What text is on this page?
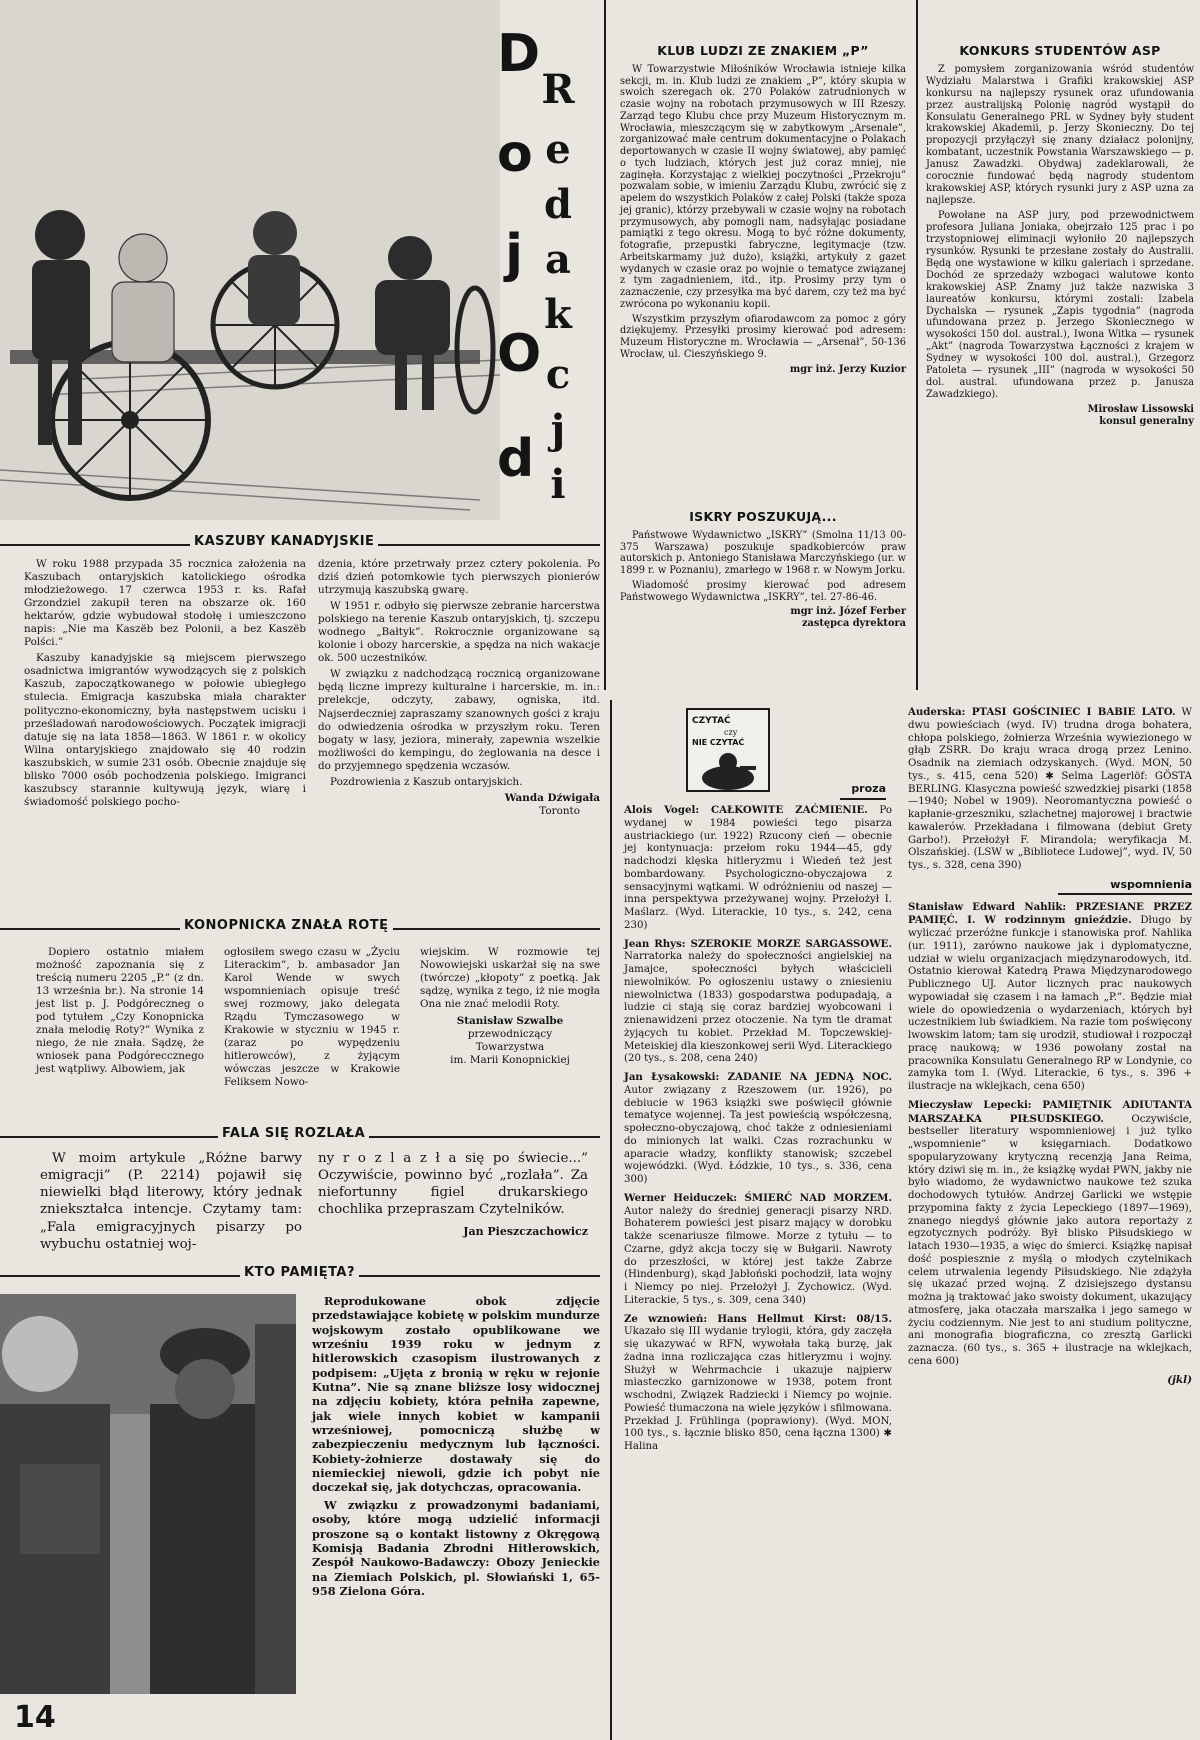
D
o
j
O
d
R
e
d
a
k
c
j
i
KLUB LUDZI ZE ZNAKIEM „P”

W Towarzystwie Miłośników Wrocławia istnieje kilka sekcji, m. in. Klub ludzi ze znakiem „P”, który skupia w swoich szeregach ok. 270 Polaków zatrudnionych w czasie wojny na robotach przymusowych w III Rzeszy. Zarząd tego Klubu chce przy Muzeum Historycznym m. Wrocławia, mieszczącym się w zabytkowym „Arsenale”, zorganizować małe centrum dokumentacyjne o Polakach deportowanych w czasie II wojny światowej, aby pamięć o tych ludziach, których jest już coraz mniej, nie zaginęła. Korzystając z wielkiej poczytności „Przekroju” pozwalam sobie, w imieniu Zarządu Klubu, zwrócić się z apelem do wszystkich Polaków z całej Polski (także spoza jej granic), którzy przebywali w czasie wojny na robotach przymusowych, aby pomogli nam, nadsyłając posiadane pamiątki z tego okresu. Mogą to być różne dokumenty, fotografie, przepustki fabryczne, legitymacje (tzw. Arbeitskarmamy już dużo), książki, artykuły z gazet wydanych w czasie oraz po wojnie o tematyce związanej z tym zagadnieniem, itd., itp. Prosimy przy tym o zaznaczenie, czy przesyłka ma być darem, czy też ma być zwrócona po wykonaniu kopii.

Wszystkim przyszłym ofiarodawcom za pomoc z góry dziękujemy. Przesyłki prosimy kierować pod adresem: Muzeum Historyczne m. Wrocławia — „Arsenał”, 50-136 Wrocław, ul. Cieszyńskiego 9.

mgr inż. Jerzy Kuzior
ISKRY POSZUKUJĄ...

Państwowe Wydawnictwo „ISKRY” (Smolna 11/13 00-375 Warszawa) poszukuje spadkobierców praw autorskich p. Antoniego Stanisława Marczyńskiego (ur. w 1899 r. w Poznaniu), zmarłego w 1968 r. w Nowym Jorku.

Wiadomość prosimy kierować pod adresem Państwowego Wydawnictwa „ISKRY”, tel. 27-86-46.

mgr inż. Józef Ferber
zastępca dyrektora
KONKURS STUDENTÓW ASP

Z pomysłem zorganizowania wśród studentów Wydziału Malarstwa i Grafiki krakowskiej ASP konkursu na najlepszy rysunek oraz ufundowania przez australijską Polonię nagród wystąpił do Konsulatu Generalnego PRL w Sydney były student krakowskiej Akademii, p. Jerzy Skonieczny. Do tej propozycji przyłączył się znany działacz polonijny, kombatant, uczestnik Powstania Warszawskiego — p. Janusz Zawadzki. Obydwaj zadeklarowali, że corocznie fundować będą nagrody studentom krakowskiej ASP, których rysunki jury z ASP uzna za najlepsze.

Powołane na ASP jury, pod przewodnictwem profesora Juliana Joniaka, obejrzało 125 prac i po trzystopniowej eliminacji wyłoniło 20 najlepszych rysunków. Rysunki te przesłane zostały do Australii. Będą one wystawione w kilku galeriach i sprzedane. Dochód ze sprzedaży wzbogaci walutowe konto krakowskiej ASP. Znamy już także nazwiska 3 laureatów konkursu, którymi zostali: Izabela Dychalska — rysunek „Zapis tygodnia” (nagroda ufundowana przez p. Jerzego Skoniecznego w wysokości 150 dol. austral.), Iwona Witka — rysunek „Akt” (nagroda Towarzystwa Łączności z krajem w Sydney w wysokości 100 dol. austral.), Grzegorz Patoleta — rysunek „III” (nagroda w wysokości 50 dol. austral. ufundowana przez p. Janusza Zawadzkiego).

Mirosław Lissowski
konsul generalny
KASZUBY KANADYJSKIE

W roku 1988 przypada 35 rocznica założenia na Kaszubach ontaryjskich katolickiego ośrodka młodzieżowego. 17 czerwca 1953 r. ks. Rafał Grzondziel zakupił teren na obszarze ok. 160 hektarów, gdzie wybudował stodołę i umieszczono napis: „Nie ma Kaszëb bez Polonii, a bez Kaszëb Polści.”

Kaszuby kanadyjskie są miejscem pierwszego osadnictwa imigrantów wywodzących się z polskich Kaszub, zapoczątkowanego w połowie ubiegłego stulecia. Emigracja kaszubska miała charakter polityczno-ekonomiczny, była następstwem ucisku i prześladowań narodowościowych. Początek imigracji datuje się na lata 1858—1863. W 1861 r. w okolicy Wilna ontaryjskiego znajdowało się 40 rodzin kaszubskich, w sumie 231 osób. Obecnie znajduje się blisko 7000 osób pochodzenia polskiego. Imigranci kaszubscy starannie kultywują język, wiarę i świadomość polskiego pocho-

dzenia, które przetrwały przez cztery pokolenia. Po dziś dzień potomkowie tych pierwszych pionierów utrzymują kaszubską gwarę.

W 1951 r. odbyło się pierwsze zebranie harcerstwa polskiego na terenie Kaszub ontaryjskich, tj. szczepu wodnego „Bałtyk”. Rokrocznie organizowane są kolonie i obozy harcerskie, a spędza na nich wakacje ok. 500 uczestników.

W związku z nadchodzącą rocznicą organizowane będą liczne imprezy kulturalne i harcerskie, m. in.: prelekcje, odczyty, zabawy, ogniska, itd. Najserdeczniej zapraszamy szanownych gości z kraju do odwiedzenia ośrodka w przyszłym roku. Teren bogaty w lasy, jeziora, minerały, zapewnia wszelkie możliwości do kempingu, do żeglowania na desce i do przyjemnego spędzenia wczasów.

Pozdrowienia z Kaszub ontaryjskich.

Wanda Dźwigała
Toronto
KONOPNICKA ZNAŁA ROTĘ

Dopiero ostatnio miałem możność zapoznania się z treścią numeru 2205 „P.” (z dn. 13 września br.). Na stronie 14 jest list p. J. Podgóreczneg o pod tytułem „Czy Konopnicka znała melodię Roty?” Wynika z niego, że nie znała. Sądzę, że wniosek pana Podgóreccznego jest wątpliwy. Albowiem, jak

ogłosiłem swego czasu w „Życiu Literackim”, b. ambasador Jan Karol Wende w swych wspomnieniach opisuje treść swej rozmowy, jako delegata Rządu Tymczasowego w Krakowie w styczniu w 1945 r. (zaraz po wypędzeniu hitlerowców), z żyjącym wówczas jeszcze w Krakowie Feliksem Nowo-

wiejskim. W rozmowie tej Nowowiejski uskarżał się na swe (twórcze) „kłopoty” z poetką. Jak sądzę, wynika z tego, iż nie mogła Ona nie znać melodii Roty.

Stanisław Szwalbe
przewodniczący
Towarzystwa
im. Marii Konopnickiej
FALA SIĘ ROZLAŁA

W moim artykule „Różne barwy emigracji” (P. 2214) pojawił się niewielki błąd literowy, który jednak zniekształca intencje. Czytamy tam: „Fala emigracyjnych pisarzy po wybuchu ostatniej woj-

ny r o z l a z ł a się po świecie...” Oczywiście, powinno być „rozlała”. Za niefortunny figiel drukarskiego chochlika przepraszam Czytelników.

Jan Pieszczachowicz
KTO PAMIĘTA?

Reprodukowane obok zdjęcie przedstawiające kobietę w polskim mundurze wojskowym zostało opublikowane we wrześniu 1939 roku w jednym z hitlerowskich czasopism ilustrowanych z podpisem: „Ujęta z bronią w ręku w rejonie Kutna”. Nie są znane bliższe losy widocznej na zdjęciu kobiety, która pełniła zapewne, jak wiele innych kobiet w kampanii wrześniowej, pomocniczą służbę w zabezpieczeniu medycznym lub łączności. Kobiety-żołnierze dostawały się do niemieckiej niewoli, gdzie ich pobyt nie doczekał się, jak dotychczas, opracowania.

W związku z prowadzonymi badaniami, osoby, które mogą udzielić informacji proszone są o kontakt listowny z Okręgową Komisją Badania Zbrodni Hitlerowskich, Zespół Naukowo-Badawczy: Obozy Jenieckie na Ziemiach Polskich, pl. Słowiański 1, 65-958 Zielona Góra.

14
CZYTAĆ
czy
NIE CZYTAĆ
proza

Alois Vogel: CAŁKOWITE ZAĆMIENIE. Po wydanej w 1984 powieści tego pisarza austriackiego (ur. 1922) Rzucony cień — obecnie jej kontynuacja: przełom roku 1944—45, gdy nadchodzi klęska hitleryzmu i Wiedeń też jest bombardowany. Psychologiczno-obyczajowa z sensacyjnymi wątkami. W odróżnieniu od naszej — inna perspektywa przeżywanej wojny. Przełożył I. Maślarz. (Wyd. Literackie, 10 tys., s. 242, cena 230)

Jean Rhys: SZEROKIE MORZE SARGASSOWE. Narratorka należy do społeczności angielskiej na Jamajce, społeczności byłych właścicieli niewolników. Po ogłoszeniu ustawy o zniesieniu niewolnictwa (1833) gospodarstwa podupadają, a ludzie ci stają się coraz bardziej wyobcowani i znienawidzeni przez otoczenie. Na tym tle dramat żyjących tu kobiet. Przekład M. Topczewskiej-Meteiskiej dla kieszonkowej serii Wyd. Literackiego (20 tys., s. 208, cena 240)

Jan Łysakowski: ZADANIE NA JEDNĄ NOC. Autor związany z Rzeszowem (ur. 1926), po debiucie w 1963 książki swe poświęcił głównie tematyce wojennej. Ta jest powieścią współczesną, społeczno-obyczajową, choć także z odniesieniami do minionych lat walki. Czas rozrachunku w aparacie władzy, konflikty stanowisk; szczebel wojewódzki. (Wyd. Łódzkie, 10 tys., s. 336, cena 300)

Werner Heiduczek: ŚMIERĆ NAD MORZEM. Autor należy do średniej generacji pisarzy NRD. Bohaterem powieści jest pisarz mający w dorobku także scenariusze filmowe. Morze z tytułu — to Czarne, gdyż akcja toczy się w Bułgarii. Nawroty do przeszłości, w której jest także Zabrze (Hindenburg), skąd Jabłoński pochodził, lata wojny i Niemcy po niej. Przełożył J. Zychowicz. (Wyd. Literackie, 5 tys., s. 309, cena 340)

Ze wznowień: Hans Hellmut Kirst: 08/15. Ukazało się III wydanie trylogii, która, gdy zaczęła się ukazywać w RFN, wywołała taką burzę, jak żadna inna rozliczająca czas hitleryzmu i wojny. Służył w Wehrmachcie i ukazuje najpierw miasteczko garnizonowe w 1938, potem front wschodni, Związek Radziecki i Niemcy po wojnie. Powieść tłumaczona na wiele języków i sfilmowana. Przekład J. Frühlinga (poprawiony). (Wyd. MON, 100 tys., s. łącznie blisko 850, cena łączna 1300) ✱ Halina

Auderska: PTASI GOŚCINIEC I BABIE LATO. W dwu powieściach (wyd. IV) trudna droga bohatera, chłopa polskiego, żołnierza Września wywiezionego w głąb ZSRR. Do kraju wraca drogą przez Lenino. Osadnik na ziemiach odzyskanych. (Wyd. MON, 50 tys., s. 415, cena 520) ✱ Selma Lagerlöf: GÖSTA BERLING. Klasyczna powieść szwedzkiej pisarki (1858—1940; Nobel w 1909). Neoromantyczna powieść o kapłanie-grzeszniku, szlachetnej majorowej i bractwie kawalerów. Przekładana i filmowana (debiut Grety Garbo!). Przełożył F. Mirandola; weryfikacja M. Olszańskiej. (LSW w „Bibliotece Ludowej”, wyd. IV, 50 tys., s. 328, cena 390)

wspomnienia

Stanisław Edward Nahlik: PRZESIANE PRZEZ PAMIĘĆ. I. W rodzinnym gnieździe. Długo by wyliczać przeróżne funkcje i stanowiska prof. Nahlika (ur. 1911), zarówno naukowe jak i dyplomatyczne, udział w wielu organizacjach międzynarodowych, itd. Ostatnio kierował Katedrą Prawa Międzynarodowego Publicznego UJ. Autor licznych prac naukowych wypowiadał się czasem i na łamach „P.”. Będzie miał wiele do opowiedzenia o wydarzeniach, których był uczestnikiem lub świadkiem. Na razie tom poświęcony lwowskim latom; tam się urodził, studiował i rozpoczął pracę naukową; w 1936 powołany został na pracownika Konsulatu Generalnego RP w Londynie, co zamyka tom I. (Wyd. Literackie, 6 tys., s. 396 + ilustracje na wklejkach, cena 650)

Mieczysław Lepecki: PAMIĘTNIK ADIUTANTA MARSZAŁKA PIŁSUDSKIEGO.	Oczywiście, bestseller literatury wspomnieniowej i już tylko „wspomnienie” w księgarniach. Dodatkowo spopularyzowany krytyczną recenzją Jana Reima, który dziwi się m. in., że książkę wydał PWN, jakby nie było wiadomo, że wydawnictwo naukowe też szuka dochodowych tytułów. Andrzej Garlicki we wstępie przypomina fakty z życia Lepeckiego (1897—1969), znanego niegdyś głównie jako autora reportaży z egzotycznych podróży. Był blisko Piłsudskiego w latach 1930—1935, a więc do śmierci. Książkę napisał dość pospiesznie z myślą o młodych czytelnikach celem utrwalenia legendy Piłsudskiego. Nie zdążyła się ukazać przed wojną. Z dzisiejszego dystansu można ją traktować jako swoisty dokument, ukazujący atmosferę, jaka otaczała marszałka i jego samego w życiu codziennym. Nie jest to ani studium polityczne, ani monografia biograficzna, co zresztą Garlicki zaznacza. (60 tys., s. 365 + ilustracje na wklejkach, cena 600)

(jkl)
